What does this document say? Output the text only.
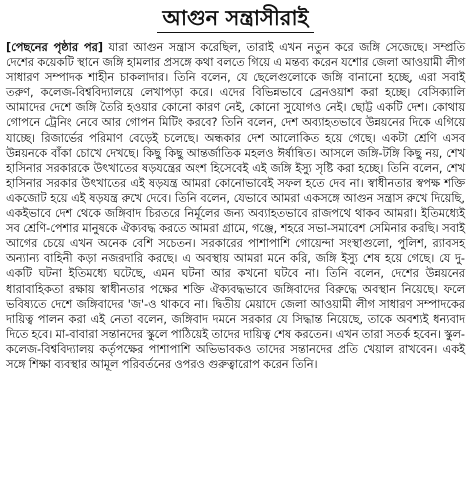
আগুন সন্ত্রাসীরাই

[পেছনের পৃষ্ঠার পর] যারা আগুন সন্ত্রাস করেছিল, তারাই এখন নতুন করে জঙ্গি সেজেছে। সম্প্রতি দেশের কয়েকটি স্থানে জঙ্গি হামলার প্রসঙ্গে কথা বলতে গিয়ে এ মন্তব্য করেন যশোর জেলা আওয়ামী লীগ সাধারণ সম্পাদক শাহীন চাকলাদার। তিনি বলেন, যে ছেলেগুলোকে জঙ্গি বানানো হচ্ছে, এরা সবাই তরুণ, কলেজ-বিশ্ববিদ্যালয়ে লেখাপড়া করে। এদের বিভিন্নভাবে ব্রেনওয়াশ করা হচ্ছে। বেসিক্যালি আমাদের দেশে জঙ্গি তৈরি হওয়ার কোনো কারণ নেই, কোনো সুযোগও নেই। ছোট্ট একটি দেশ। কোথায় গোপনে ট্রেনিং নেবে আর গোপন মিটিং করবে? তিনি বলেন, দেশ অব্যাহতভাবে উন্নয়নের দিকে এগিয়ে যাচ্ছে। রিজার্ভের পরিমাণ বেড়েই চলেছে। অন্ধকার দেশ আলোকিত হয়ে গেছে। একটা শ্রেণি এসব উন্নয়নকে বাঁকা চোখে দেখছে। কিছু কিছু আন্তর্জাতিক মহলও ঈর্ষান্বিত। আসলে জঙ্গি-টঙ্গি কিছু নয়, শেখ হাসিনার সরকারকে উৎখাতের ষড়যন্ত্রের অংশ হিসেবেই এই জঙ্গি ইস্যু সৃষ্টি করা হচ্ছে। তিনি বলেন, শেখ হাসিনার সরকার উৎখাতের এই ষড়যন্ত্র আমরা কোনোভাবেই সফল হতে দেব না। স্বাধীনতার স্বপক্ষ শক্তি একজোট হয়ে এই ষড়যন্ত্র রুখে দেবে। তিনি বলেন, যেভাবে আমরা একসঙ্গে আগুন সন্ত্রাস রুখে দিয়েছি, একইভাবে দেশ থেকে জঙ্গিবাদ চিরতরে নির্মূলের জন্য অব্যাহতভাবে রাজপথে থাকব আমরা। ইতিমধ্যেই সব শ্রেণি-পেশার মানুষকে ঐক্যবদ্ধ করতে আমরা গ্রামে, গঞ্জে, শহরে সভা-সমাবেশ সেমিনার করছি। সবাই আগের চেয়ে এখন অনেক বেশি সচেতন। সরকারের পাশাপাশি গোয়েন্দা সংস্থাগুলো, পুলিশ, র‌্যাবসহ অন্যান্য বাহিনী কড়া নজরদারি করছে। এ অবস্থায় আমরা মনে করি, জঙ্গি ইস্যু শেষ হয়ে গেছে। যে দু-একটি ঘটনা ইতিমধ্যে ঘটেছে, এমন ঘটনা আর কখনো ঘটবে না। তিনি বলেন, দেশের উন্নয়নের ধারাবাহিকতা রক্ষায় স্বাধীনতার পক্ষের শক্তি ঐক্যবদ্ধভাবে জঙ্গিবাদের বিরুদ্ধে অবস্থান নিয়েছে। ফলে ভবিষ্যতে দেশে জঙ্গিবাদের 'জ'-ও থাকবে না। দ্বিতীয় মেয়াদে জেলা আওয়ামী লীগ সাধারণ সম্পাদকের দায়িত্ব পালন করা এই নেতা বলেন, জঙ্গিবাদ দমনে সরকার যে সিদ্ধান্ত নিয়েছে, তাকে অবশ্যই ধন্যবাদ দিতে হবে। মা-বাবারা সন্তানদের স্কুলে পাঠিয়েই তাদের দায়িত্ব শেষ করতেন। এখন তারা সতর্ক হবেন। স্কুল-কলেজ-বিশ্ববিদ্যালয় কর্তৃপক্ষের পাশাপাশি অভিভাবকও তাদের সন্তানদের প্রতি খেয়াল রাখবেন। একই সঙ্গে শিক্ষা ব্যবস্থার আমূল পরিবর্তনের ওপরও গুরুত্বারোপ করেন তিনি।
